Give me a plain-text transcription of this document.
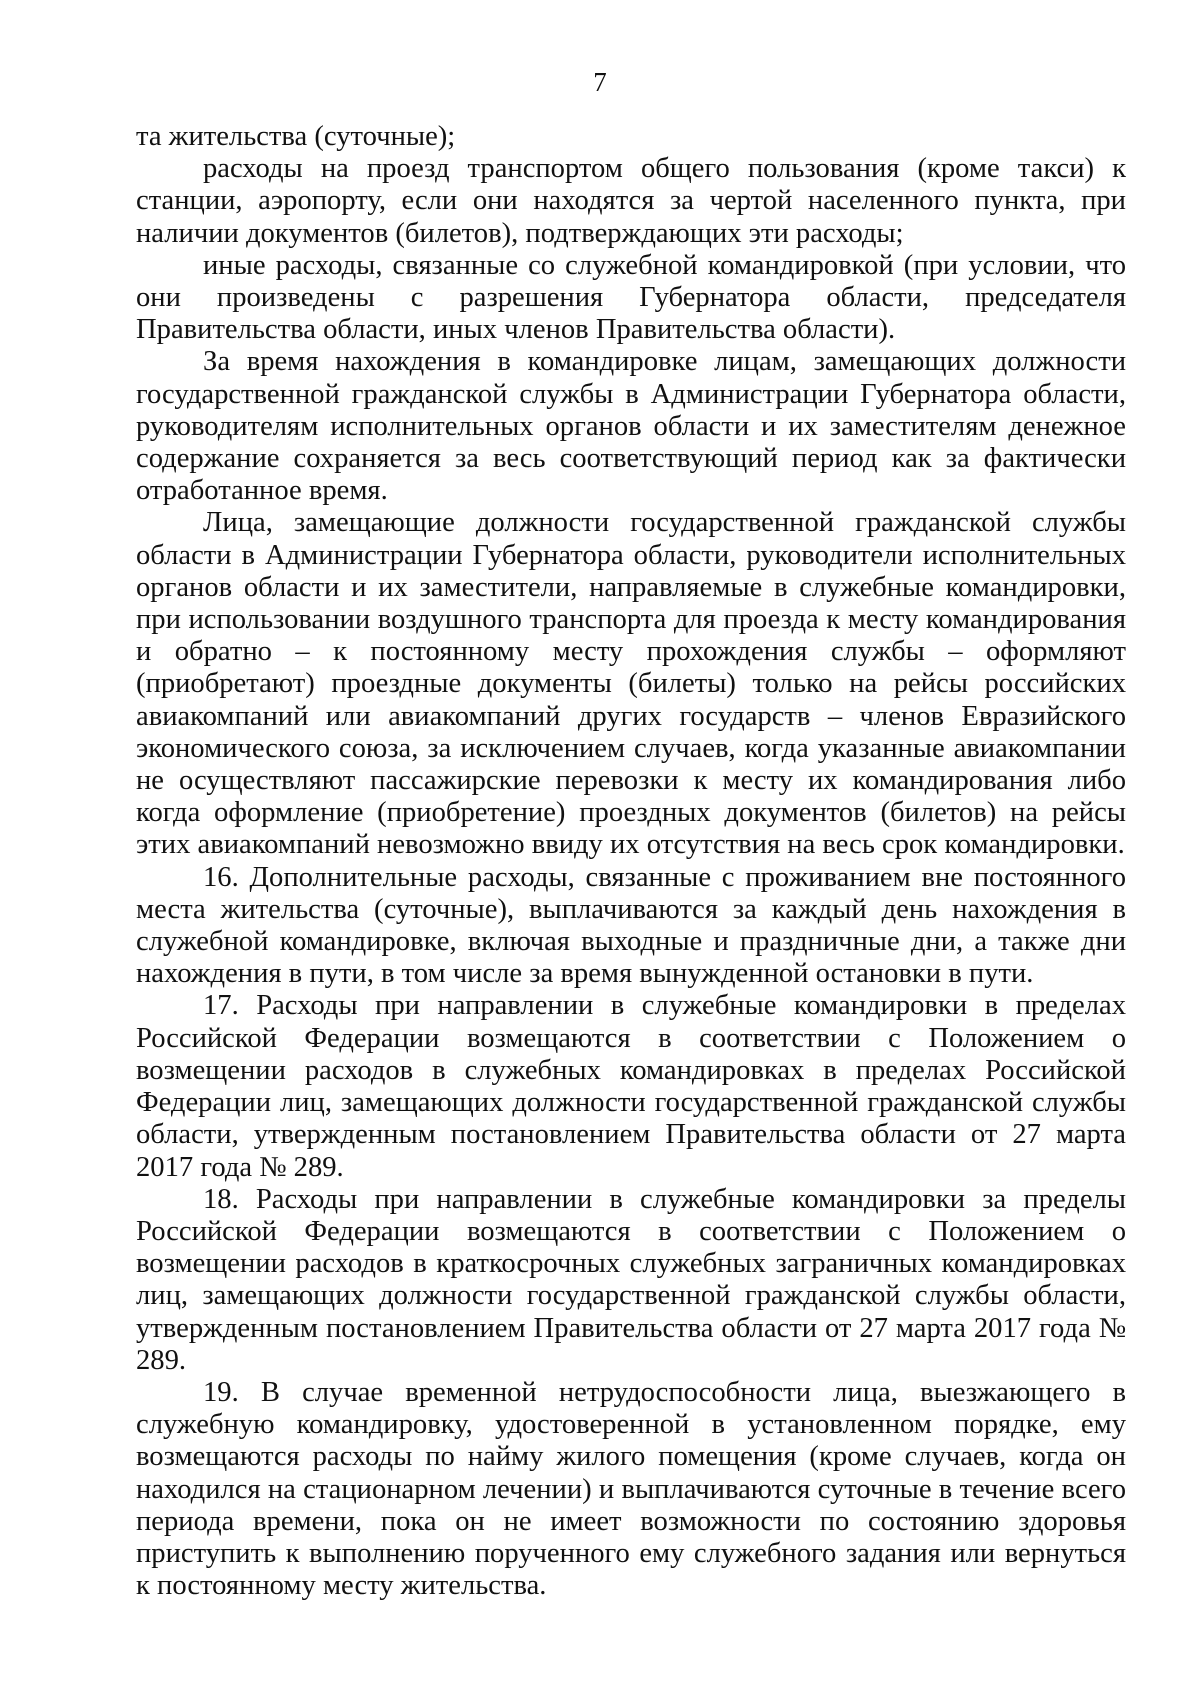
7

та жительства (суточные);

расходы на проезд транспортом общего пользования (кроме такси) к станции, аэропорту, если они находятся за чертой населенного пункта, при наличии документов (билетов), подтверждающих эти расходы;

иные расходы, связанные со служебной командировкой (при условии, что они произведены с разрешения Губернатора области, председателя Правительства области, иных членов Правительства области).

За время нахождения в командировке лицам, замещающих должности государственной гражданской службы в Администрации Губернатора области, руководителям исполнительных органов области и их заместителям денежное содержание сохраняется за весь соответствующий период как за фактически отработанное время.

Лица, замещающие должности государственной гражданской службы области в Администрации Губернатора области, руководители исполнительных органов области и их заместители, направляемые в служебные командировки, при использовании воздушного транспорта для проезда к месту командирования и обратно – к постоянному месту прохождения службы – оформляют (приобретают) проездные документы (билеты) только на рейсы российских авиакомпаний или авиакомпаний других государств – членов Евразийского экономического союза, за исключением случаев, когда указанные авиакомпании не осуществляют пассажирские перевозки к месту их командирования либо когда оформление (приобретение) проездных документов (билетов) на рейсы этих авиакомпаний невозможно ввиду их отсутствия на весь срок командировки.

16. Дополнительные расходы, связанные с проживанием вне постоянного места жительства (суточные), выплачиваются за каждый день нахождения в служебной командировке, включая выходные и праздничные дни, а также дни нахождения в пути, в том числе за время вынужденной остановки в пути.

17. Расходы при направлении в служебные командировки в пределах Российской Федерации возмещаются в соответствии с Положением о возмещении расходов в служебных командировках в пределах Российской Федерации лиц, замещающих должности государственной гражданской службы области, утвержденным постановлением Правительства области от 27 марта 2017 года № 289.

18. Расходы при направлении в служебные командировки за пределы Российской Федерации возмещаются в соответствии с Положением о возмещении расходов в краткосрочных служебных заграничных командировках лиц, замещающих должности государственной гражданской службы области, утвержденным постановлением Правительства области от 27 марта 2017 года № 289.

19. В случае временной нетрудоспособности лица, выезжающего в служебную командировку, удостоверенной в установленном порядке, ему возмещаются расходы по найму жилого помещения (кроме случаев, когда он находился на стационарном лечении) и выплачиваются суточные в течение всего периода времени, пока он не имеет возможности по состоянию здоровья приступить к выполнению порученного ему служебного задания или вернуться к постоянному месту жительства.
